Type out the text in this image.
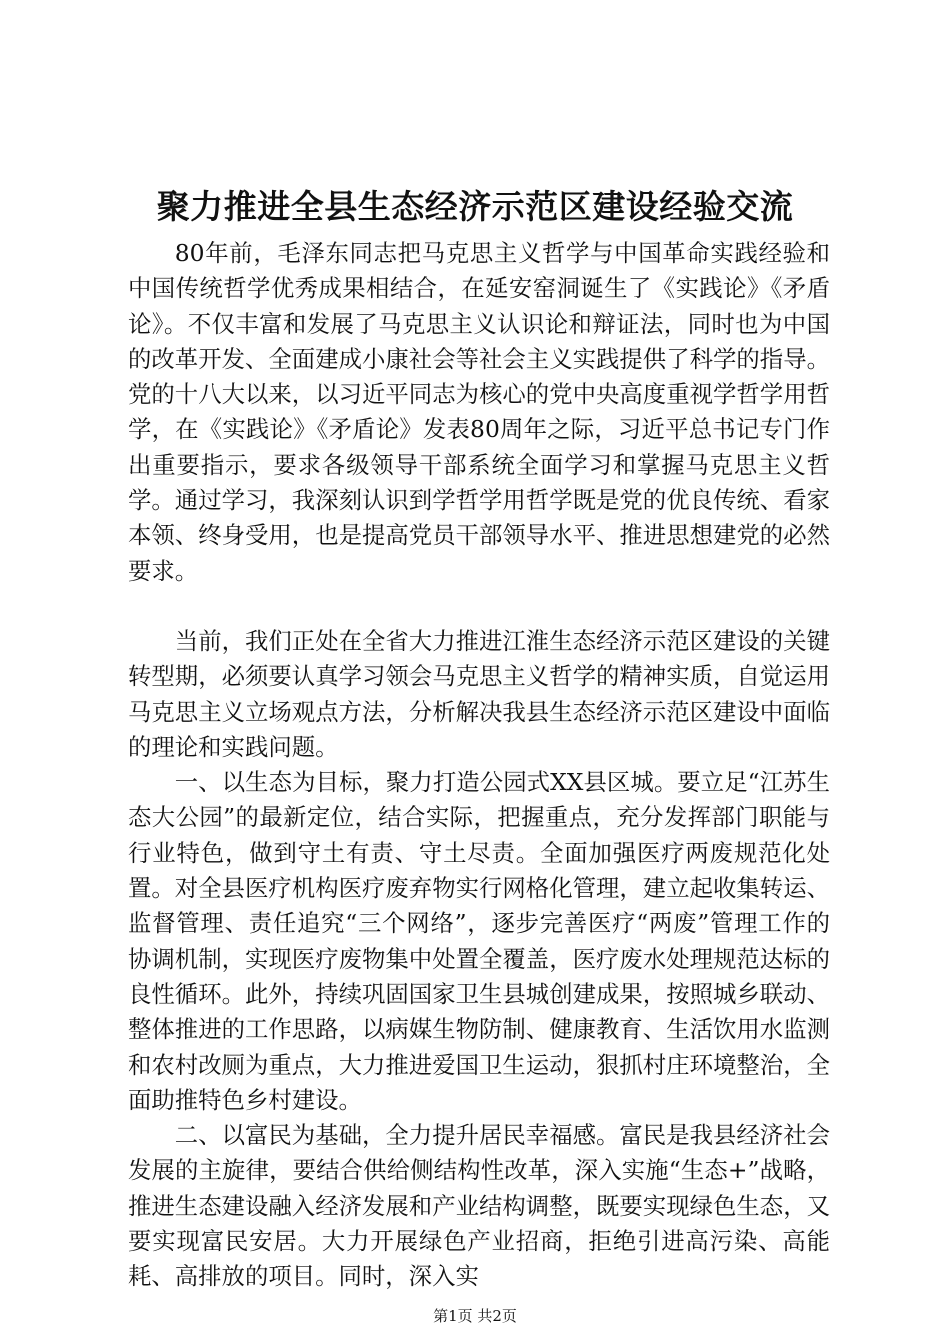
聚力推进全县生态经济示范区建设经验交流

80年前，毛泽东同志把马克思主义哲学与中国革命实践经验和中国传统哲学优秀成果相结合，在延安窑洞诞生了《实践论》《矛盾论》。不仅丰富和发展了马克思主义认识论和辩证法，同时也为中国的改革开发、全面建成小康社会等社会主义实践提供了科学的指导。党的十八大以来，以习近平同志为核心的党中央高度重视学哲学用哲学，在《实践论》《矛盾论》发表80周年之际，习近平总书记专门作出重要指示，要求各级领导干部系统全面学习和掌握马克思主义哲学。通过学习，我深刻认识到学哲学用哲学既是党的优良传统、看家本领、终身受用，也是提高党员干部领导水平、推进思想建党的必然要求。

当前，我们正处在全省大力推进江淮生态经济示范区建设的关键转型期，必须要认真学习领会马克思主义哲学的精神实质，自觉运用马克思主义立场观点方法，分析解决我县生态经济示范区建设中面临的理论和实践问题。

一、以生态为目标，聚力打造公园式XX县区城。要立足“江苏生态大公园”的最新定位，结合实际，把握重点，充分发挥部门职能与行业特色，做到守土有责、守土尽责。全面加强医疗两废规范化处置。对全县医疗机构医疗废弃物实行网格化管理，建立起收集转运、监督管理、责任追究“三个网络”，逐步完善医疗“两废”管理工作的协调机制，实现医疗废物集中处置全覆盖，医疗废水处理规范达标的良性循环。此外，持续巩固国家卫生县城创建成果，按照城乡联动、整体推进的工作思路，以病媒生物防制、健康教育、生活饮用水监测和农村改厕为重点，大力推进爱国卫生运动，狠抓村庄环境整治，全面助推特色乡村建设。

二、以富民为基础，全力提升居民幸福感。富民是我县经济社会发展的主旋律，要结合供给侧结构性改革，深入实施“生态+”战略，推进生态建设融入经济发展和产业结构调整，既要实现绿色生态，又要实现富民安居。大力开展绿色产业招商，拒绝引进高污染、高能耗、高排放的项目。同时，深入实

第1页 共2页
